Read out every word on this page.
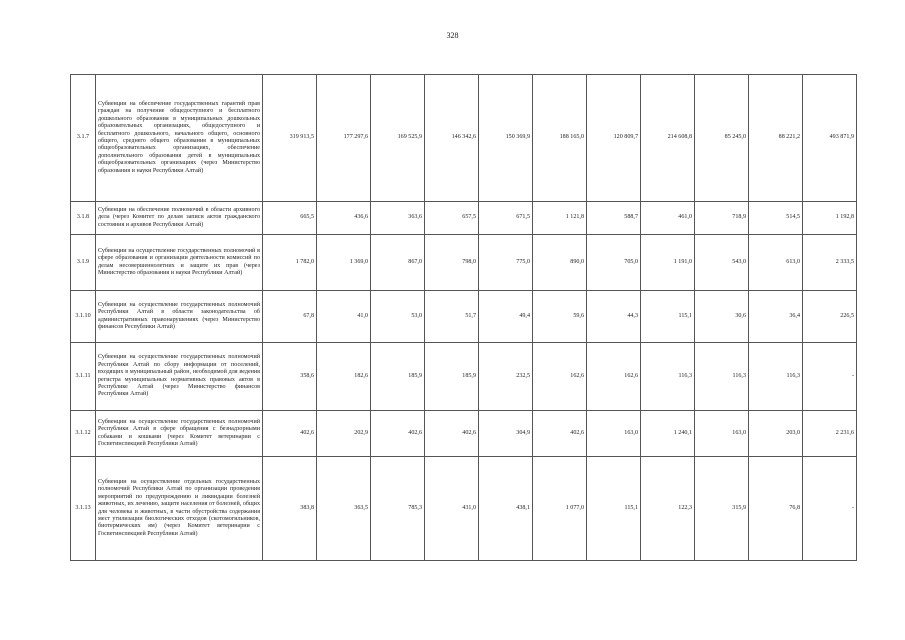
328
3.1.7	Субвенции на обеспечение государственных гарантий прав граждан на получение общедоступного и бесплатного дошкольного образования в муниципальных дошкольных образовательных организациях, общедоступного и бесплатного дошкольного, начального общего, основного общего, среднего общего образования в муниципальных общеобразовательных организациях, обеспечение дополнительного образования детей в муниципальных общеобразовательных организациях (через Министерство образования и науки Республики Алтай)	319 913,5	177 297,6	169 525,9	146 342,6	150 369,9	188 165,0	120 809,7	214 608,8	85 245,0	88 221,2	493 871,9
3.1.8	Субвенции на обеспечение полномочий в области архивного дела (через Комитет по делам записи актов гражданского состояния и архивов Республики Алтай)	665,5	436,6	363,6	657,5	671,5	1 121,8	588,7	461,0	718,9	514,5	1 192,8
3.1.9	Субвенции на осуществление государственных полномочий в сфере образования и организации деятельности комиссий по делам несовершеннолетних и защите их прав (через Министерство образования и науки Республики Алтай)	1 782,0	1 369,0	867,0	798,0	775,0	890,0	705,0	1 191,0	543,0	613,0	2 333,5
3.1.10	Субвенции на осуществление государственных полномочий Республики Алтай в области законодательства об административных правонарушениях (через Министерство финансов Республики Алтай)	67,8	41,0	53,0	51,7	49,4	59,6	44,3	115,1	30,6	36,4	226,5
3.1.11	Субвенции на осуществление государственных полномочий Республики Алтай по сбору информации от поселений, входящих в муниципальный район, необходимой для ведения регистра муниципальных нормативных правовых актов в Республике Алтай (через Министерство финансов Республики Алтай)	358,6	182,6	185,9	185,9	232,5	162,6	162,6	116,3	116,3	116,3	-
3.1.12	Субвенции на осуществление государственных полномочий Республики Алтай в сфере обращения с безнадзорными собаками и кошками (через Комитет ветеринарии с Госветинспекцией Республики Алтай)	402,6	202,9	402,6	402,6	304,9	402,6	163,0	1 240,1	163,0	203,0	2 231,6
3.1.13	Субвенции на осуществление отдельных государственных полномочий Республики Алтай по организации проведения мероприятий по предупреждению и ликвидации болезней животных, их лечению, защите населения от болезней, общих для человека и животных, в части обустройства содержания мест утилизации биологических отходов (скотомогильников, биотермических ям) (через Комитет ветеринарии с Госветинспекцией Республики Алтай)	383,8	363,5	785,3	431,0	438,1	1 077,0	115,1	122,3	315,9	76,8	-
